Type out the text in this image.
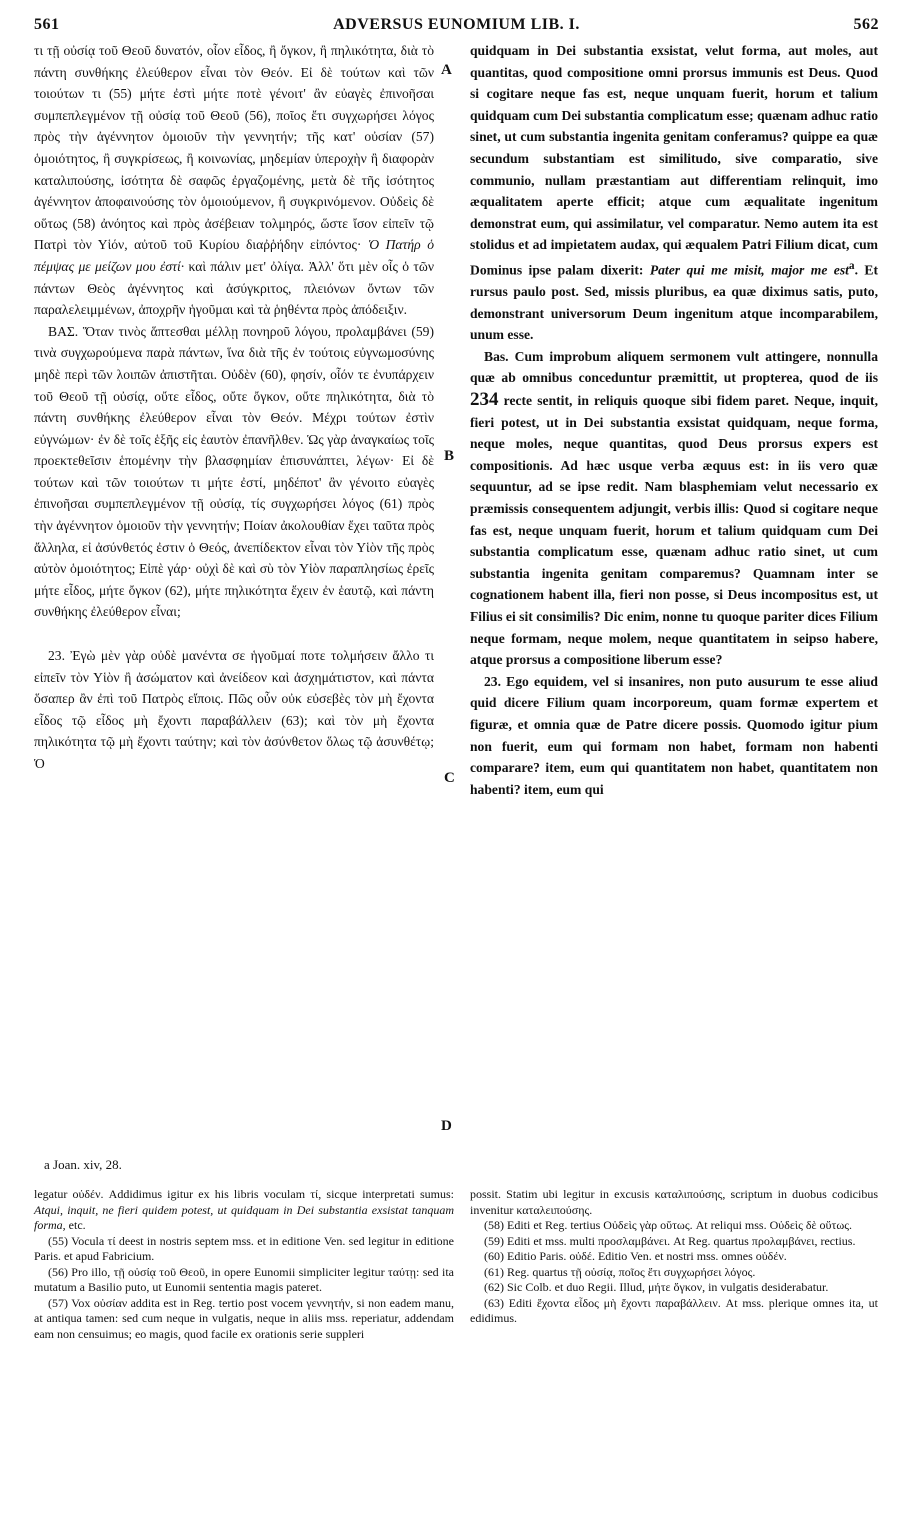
561	ADVERSUS EUNOMIUM LIB. I.	562
A
B
C
D

τι τῇ οὐσίᾳ τοῦ Θεοῦ δυνατόν, οἷον εἶδος, ἢ ὄγκον, ἢ πηλικότητα, διὰ τὸ πάντη συνθήκης ἐλεύθερον εἶναι τὸν Θεόν. Εἰ δὲ τούτων καὶ τῶν τοιούτων τι (55) μήτε ἐστὶ μήτε ποτὲ γένοιτ' ἂν εὐαγὲς ἐπινοῆσαι συμπεπλεγμένον τῇ οὐσίᾳ τοῦ Θεοῦ (56), ποῖος ἔτι συγχωρήσει λόγος πρὸς τὴν ἀγέννητον ὁμοιοῦν τὴν γεννητήν; τῆς κατ' οὐσίαν (57) ὁμοιότητος, ἢ συγκρίσεως, ἢ κοινωνίας, μηδεμίαν ὑπεροχὴν ἢ διαφορὰν καταλιπούσης, ἰσότητα δὲ σαφῶς ἐργαζομένης, μετὰ δὲ τῆς ἰσότητος ἀγέννητον ἀποφαινούσης τὸν ὁμοιούμενον, ἢ συγκρινόμενον. Οὐδεὶς δὲ οὕτως (58) ἀνόητος καὶ πρὸς ἀσέβειαν τολμηρός, ὥστε ἴσον εἰπεῖν τῷ Πατρὶ τὸν Υἱόν, αὐτοῦ τοῦ Κυρίου διαῤῥήδην εἰπόντος· Ὁ Πατήρ ὁ πέμψας με μείζων μου ἐστί· καὶ πάλιν μετ' ὀλίγα. Ἀλλ' ὅτι μὲν οἷς ὁ τῶν πάντων Θεὸς ἀγέννητος καὶ ἀσύγκριτος, πλειόνων ὄντων τῶν παραλελειμμένων, ἀποχρῆν ἡγοῦμαι καὶ τὰ ῥηθέντα πρὸς ἀπόδειξιν.

ΒΑΣ. Ὅταν τινὸς ἅπτεσθαι μέλλῃ πονηροῦ λόγου, προλαμβάνει (59) τινὰ συγχωρούμενα παρὰ πάντων, ἵνα διὰ τῆς ἐν τούτοις εὐγνωμοσύνης μηδὲ περὶ τῶν λοιπῶν ἀπιστῆται. Οὐδὲν (60), φησίν, οἷόν τε ἐνυπάρχειν τοῦ Θεοῦ τῇ οὐσίᾳ, οὔτε εἶδος, οὔτε ὄγκον, οὔτε πηλικότητα, διὰ τὸ πάντη συνθήκης ἐλεύθερον εἶναι τὸν Θεόν. Μέχρι τούτων ἐστὶν εὐγνώμων· ἐν δὲ τοῖς ἑξῆς εἰς ἑαυτὸν ἐπανῆλθεν. Ὡς γὰρ ἀναγκαίως τοῖς προεκτεθεῖσιν ἑπομένην τὴν βλασφημίαν ἐπισυνάπτει, λέγων· Εἰ δὲ τούτων καὶ τῶν τοιούτων τι μήτε ἐστί, μηδέποτ' ἂν γένοιτο εὐαγὲς ἐπινοῆσαι συμπεπλεγμένον τῇ οὐσίᾳ, τίς συγχωρήσει λόγος (61) πρὸς τὴν ἀγέννητον ὁμοιοῦν τὴν γεννητήν; Ποίαν ἀκολουθίαν ἔχει ταῦτα πρὸς ἄλληλα, εἰ ἀσύνθετός ἐστιν ὁ Θεός, ἀνεπίδεκτον εἶναι τὸν Υἱὸν τῆς πρὸς αὐτὸν ὁμοιότητος; Εἰπὲ γάρ· οὐχὶ δὲ καὶ σὺ τὸν Υἱὸν παραπλησίως ἐρεῖς μήτε εἶδος, μήτε ὄγκον (62), μήτε πηλικότητα ἔχειν ἐν ἑαυτῷ, καὶ πάντη συνθήκης ἐλεύθερον εἶναι;

23. Ἐγὼ μὲν γὰρ οὐδὲ μανέντα σε ἡγοῦμαί ποτε τολμήσειν ἄλλο τι εἰπεῖν τὸν Υἱὸν ἢ ἀσώματον καὶ ἀνείδεον καὶ ἀσχημάτιστον, καὶ πάντα ὅσαπερ ἂν ἐπὶ τοῦ Πατρὸς εἴποις. Πῶς οὖν οὐκ εὐσεβὲς τὸν μὴ ἔχοντα εἶδος τῷ εἶδος μὴ ἔχοντι παραβάλλειν (63); καὶ τὸν μὴ ἔχοντα πηλικότητα τῷ μὴ ἔχοντι ταύτην; καὶ τὸν ἀσύνθετον ὅλως τῷ ἀσυνθέτῳ; Ὁ

quidquam in Dei substantia exsistat, velut forma, aut moles, aut quantitas, quod compositione omni prorsus immunis est Deus. Quod si cogitare neque fas est, neque unquam fuerit, horum et talium quidquam cum Dei substantia complicatum esse; quænam adhuc ratio sinet, ut cum substantia ingenita genitam conferamus? quippe ea quæ secundum substantiam est similitudo, sive comparatio, sive communio, nullam præstantiam aut differentiam relinquit, imo æqualitatem aperte efficit; atque cum æqualitate ingenitum demonstrat eum, qui assimilatur, vel comparatur. Nemo autem ita est stolidus et ad impietatem audax, qui æqualem Patri Filium dicat, cum Dominus ipse palam dixerit: Pater qui me misit, major me est$^a$. Et rursus paulo post. Sed, missis pluribus, ea quæ diximus satis, puto, demonstrant universorum Deum ingenitum atque incomparabilem, unum esse.

Bas. Cum improbum aliquem sermonem vult attingere, nonnulla quæ ab omnibus conceduntur præmittit, ut propterea, quod de iis 234 recte sentit, in reliquis quoque sibi fidem paret. Neque, inquit, fieri potest, ut in Dei substantia exsistat quidquam, neque forma, neque moles, neque quantitas, quod Deus prorsus expers est compositionis. Ad hæc usque verba æquus est: in iis vero quæ sequuntur, ad se ipse redit. Nam blasphemiam velut necessario ex præmissis consequentem adjungit, verbis illis: Quod si cogitare neque fas est, neque unquam fuerit, horum et talium quidquam cum Dei substantia complicatum esse, quænam adhuc ratio sinet, ut cum substantia ingenita genitam comparemus? Quamnam inter se cognationem habent illa, fieri non posse, si Deus incompositus est, ut Filius ei sit consimilis? Dic enim, nonne tu quoque pariter dices Filium neque formam, neque molem, neque quantitatem in seipso habere, atque prorsus a compositione liberum esse?

23. Ego equidem, vel si insanires, non puto ausurum te esse aliud quid dicere Filium quam incorporeum, quam formæ expertem et figuræ, et omnia quæ de Patre dicere possis. Quomodo igitur pium non fuerit, eum qui formam non habet, formam non habenti comparare? item, eum qui quantitatem non habet, quantitatem non habenti? item, eum qui

a Joan. xiv, 28.

legatur οὐδέν. Addidimus igitur ex his libris voculam τί, sicque interpretati sumus: Atqui, inquit, ne fieri quidem potest, ut quidquam in Dei substantia exsistat tanquam forma, etc.

(55) Vocula τί deest in nostris septem mss. et in editione Ven. sed legitur in editione Paris. et apud Fabricium.

(56) Pro illo, τῇ οὐσίᾳ τοῦ Θεοῦ, in opere Eunomii simpliciter legitur ταύτῃ: sed ita mutatum a Basilio puto, ut Eunomii sententia magis pateret.

(57) Vox οὐσίαν addita est in Reg. tertio post vocem γεννητήν, si non eadem manu, at antiqua tamen: sed cum neque in vulgatis, neque in aliis mss. reperiatur, addendam eam non censuimus; eo magis, quod facile ex orationis serie suppleri

possit. Statim ubi legitur in excusis καταλιπούσης, scriptum in duobus codicibus invenitur καταλειπούσης.

(58) Editi et Reg. tertius Οὐδεὶς γὰρ οὕτως. At reliqui mss. Οὐδεὶς δὲ οὕτως.

(59) Editi et mss. multi προσλαμβάνει. At Reg. quartus προλαμβάνει, rectius.

(60) Editio Paris. οὐδέ. Editio Ven. et nostri mss. omnes οὐδέν.

(61) Reg. quartus τῇ οὐσίᾳ, ποῖος ἔτι συγχωρήσει λόγος.

(62) Sic Colb. et duo Regii. Illud, μήτε ὄγκον, in vulgatis desiderabatur.

(63) Editi ἔχοντα εἶδος μὴ ἔχοντι παραβάλλειν. At mss. plerique omnes ita, ut edidimus.
